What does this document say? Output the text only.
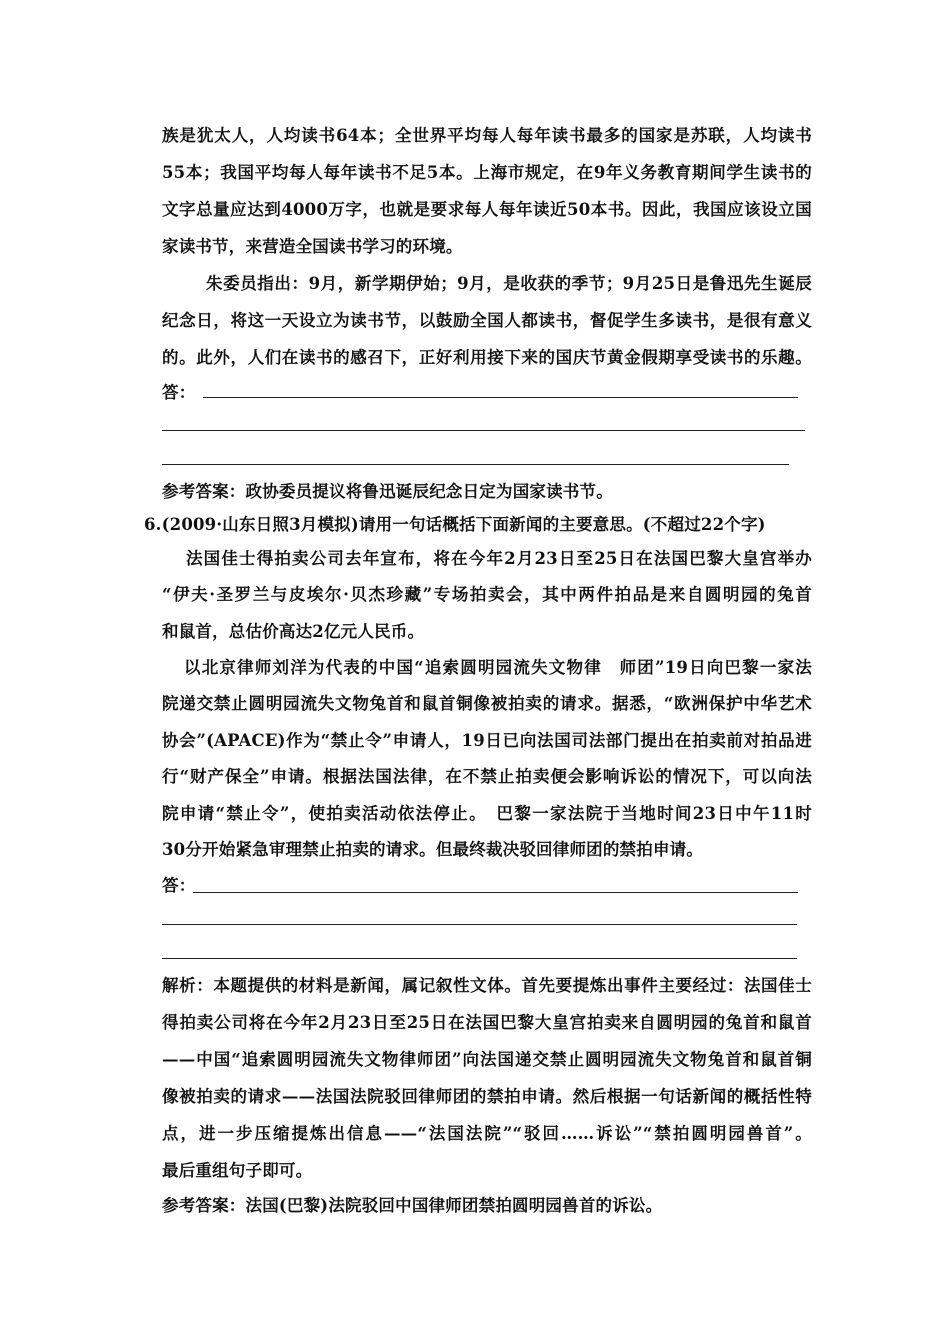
族是犹太人，人均读书64本；全世界平均每人每年读书最多的国家是苏联，人均读书
55本；我国平均每人每年读书不足5本。上海市规定，在9年义务教育期间学生读书的
文字总量应达到4000万字，也就是要求每人每年读近50本书。因此，我国应该设立国
家读书节，来营造全国读书学习的环境。
朱委员指出：9月，新学期伊始；9月，是收获的季节；9月25日是鲁迅先生诞辰
纪念日，将这一天设立为读书节，以鼓励全国人都读书，督促学生多读书，是很有意义
的。此外，人们在读书的感召下，正好利用接下来的国庆节黄金假期享受读书的乐趣。
答：
参考答案：政协委员提议将鲁迅诞辰纪念日定为国家读书节。
6.(2009·山东日照3月模拟)请用一句话概括下面新闻的主要意思。(不超过22个字)
法国佳士得拍卖公司去年宣布，将在今年2月23日至25日在法国巴黎大皇宫举办
“伊夫·圣罗兰与皮埃尔·贝杰珍藏”专场拍卖会，其中两件拍品是来自圆明园的兔首
和鼠首，总估价高达2亿元人民币。
以北京律师刘洋为代表的中国“追索圆明园流失文物律　师团”19日向巴黎一家法
院递交禁止圆明园流失文物兔首和鼠首铜像被拍卖的请求。据悉，“欧洲保护中华艺术
协会”(APACE)作为“禁止令”申请人，19日已向法国司法部门提出在拍卖前对拍品进
行“财产保全”申请。根据法国法律，在不禁止拍卖便会影响诉讼的情况下，可以向法
院申请“禁止令”，使拍卖活动依法停止。　巴黎一家法院于当地时间23日中午11时
30分开始紧急审理禁止拍卖的请求。但最终裁决驳回律师团的禁拍申请。
答：
解析：本题提供的材料是新闻，属记叙性文体。首先要提炼出事件主要经过：法国佳士
得拍卖公司将在今年2月23日至25日在法国巴黎大皇宫拍卖来自圆明园的兔首和鼠首
——中国“追索圆明园流失文物律师团”向法国递交禁止圆明园流失文物兔首和鼠首铜
像被拍卖的请求——法国法院驳回律师团的禁拍申请。然后根据一句话新闻的概括性特
点，进一步压缩提炼出信息——“法国法院”“驳回……诉讼”“禁拍圆明园兽首”。
最后重组句子即可。
参考答案：法国(巴黎)法院驳回中国律师团禁拍圆明园兽首的诉讼。
